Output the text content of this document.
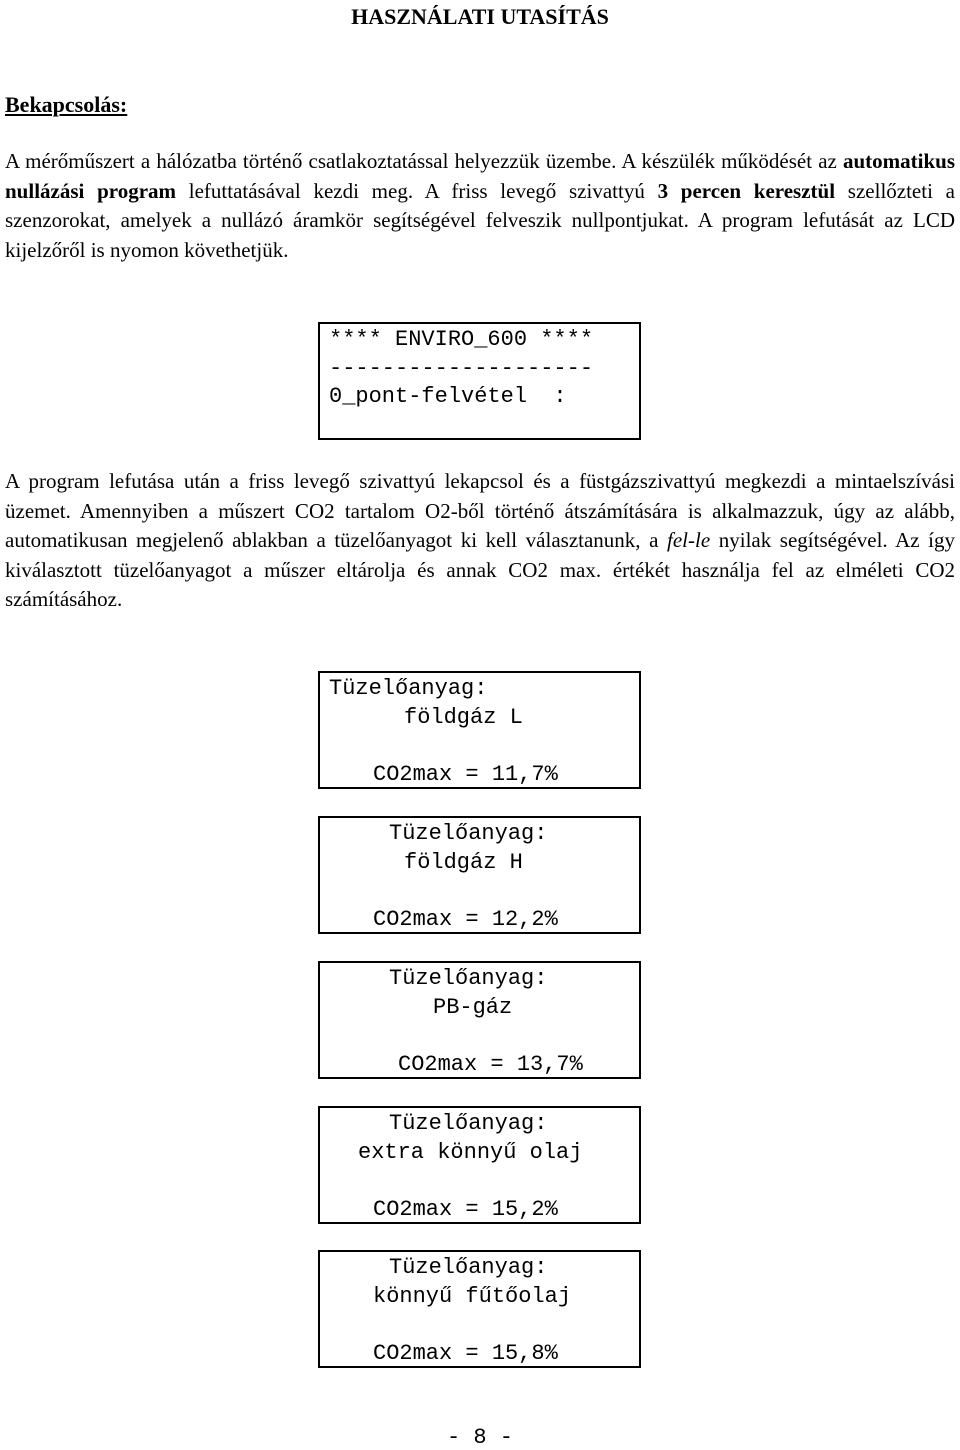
HASZNÁLATI UTASÍTÁS
Bekapcsolás:
A mérőműszert a hálózatba történő csatlakoztatással helyezzük üzembe. A készülék működését az automatikus nullázási program lefuttatásával kezdi meg. A friss levegő szivattyú 3 percen keresztül szellőzteti a szenzorokat, amelyek a nullázó áramkör segítségével felveszik nullpontjukat. A program lefutását az LCD kijelzőről is nyomon követhetjük.
**** ENVIRO_600 ****
--------------------
0_pont-felvétel  :
A program lefutása után a friss levegő szivattyú lekapcsol és a füstgázszivattyú megkezdi a mintaelszívási üzemet. Amennyiben a műszert CO2 tartalom O2-ből történő átszámítására is alkalmazzuk, úgy az alább, automatikusan megjelenő ablakban a tüzelőanyagot ki kell választanunk, a fel-le nyilak segítségével. Az így kiválasztott tüzelőanyagot a műszer eltárolja és annak CO2 max. értékét használja fel az elméleti CO2 számításához.

Tüzelőanyag:

földgáz L

CO2max = 11,7%

Tüzelőanyag:

földgáz H

CO2max = 12,2%

Tüzelőanyag:

PB-gáz

CO2max = 13,7%

Tüzelőanyag:

extra könnyű olaj

CO2max = 15,2%

Tüzelőanyag:

könnyű fűtőolaj

CO2max = 15,8%

- 8 -
